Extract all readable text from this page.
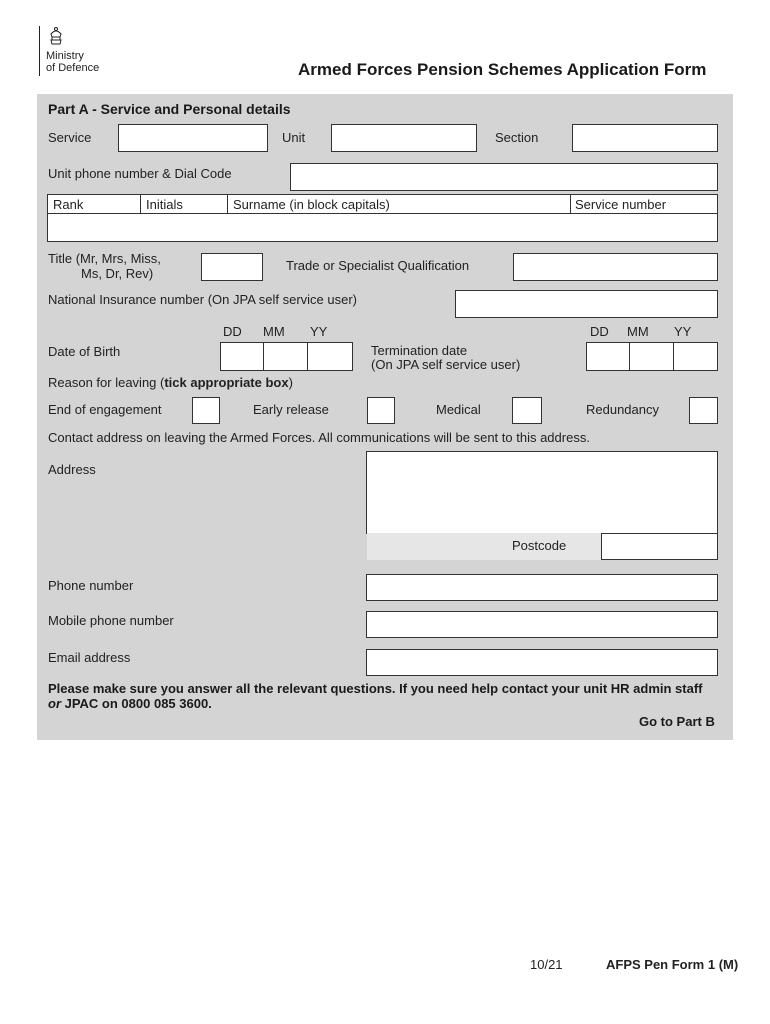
Ministry
of Defence	Armed Forces Pension Schemes Application Form
Part A - Service and Personal details
Service	Unit	Section
Unit phone number & Dial Code
Rank	Initials	Surname (in block capitals)	Service number
Title (Mr, Mrs, Miss,
Ms, Dr, Rev)
Trade or Specialist Qualification
National Insurance number (On JPA self service user)
DD MM YY	DD MM YY
Date of Birth	Termination date
(On JPA self service user)
Reason for leaving (tick appropriate box)
End of engagement	Early release	Medical	Redundancy
Contact address on leaving the Armed Forces. All communications will be sent to this address.
Address
Postcode
Phone number
Mobile phone number
Email address
Please make sure you answer all the relevant questions. If you need help contact your unit HR admin staff or JPAC on 0800 085 3600.
Go to Part B
10/21	AFPS Pen Form 1 (M)
